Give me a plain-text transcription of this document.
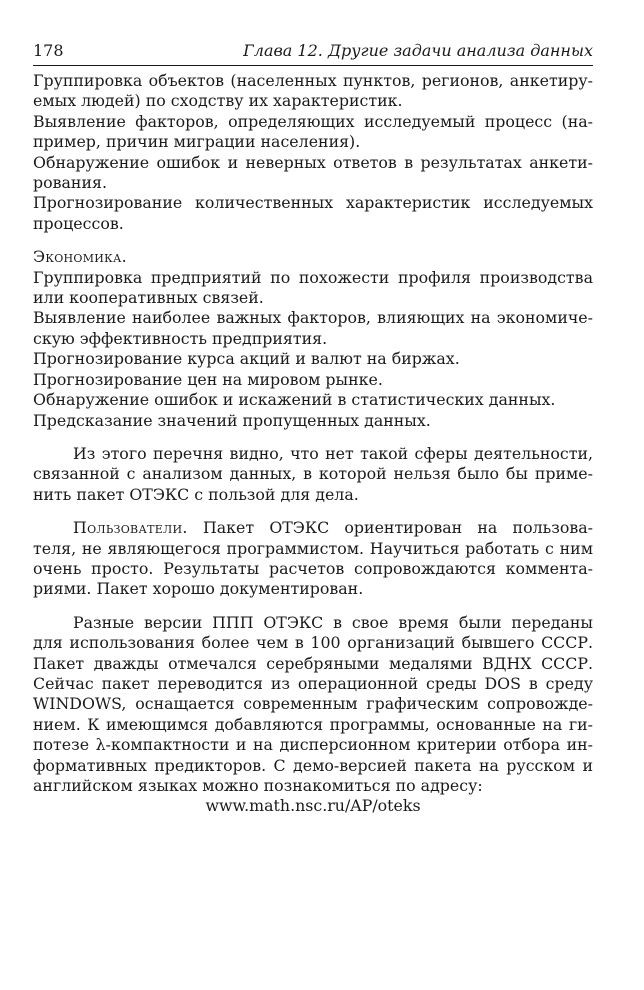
178	Глава 12. Другие задачи анализа данных
Группировка объектов (населенных пунктов, регионов, анкетиру-
емых людей) по сходству их характеристик.
Выявление факторов, определяющих исследуемый процесс (на-
пример, причин миграции населения).
Обнаружение ошибок и неверных ответов в результатах анкети-
рования.
Прогнозирование количественных характеристик исследуемых
процессов.
Экономика.
Группировка предприятий по похожести профиля производства
или кооперативных связей.
Выявление наиболее важных факторов, влияющих на экономиче-
скую эффективность предприятия.
Прогнозирование курса акций и валют на биржах.
Прогнозирование цен на мировом рынке.
Обнаружение ошибок и искажений в статистических данных.
Предсказание значений пропущенных данных.
Из этого перечня видно, что нет такой сферы деятельности,
связанной с анализом данных, в которой нельзя было бы приме-
нить пакет ОТЭКС с пользой для дела.
Пользователи. Пакет ОТЭКС ориентирован на пользова-
теля, не являющегося программистом. Научиться работать с ним
очень просто. Результаты расчетов сопровождаются коммента-
риями. Пакет хорошо документирован.
Разные версии ППП ОТЭКС в свое время были переданы
для использования более чем в 100 организаций бывшего СССР.
Пакет дважды отмечался серебряными медалями ВДНХ СССР.
Сейчас пакет переводится из операционной среды DOS в среду
WINDOWS, оснащается современным графическим сопровожде-
нием. К имеющимся добавляются программы, основанные на ги-
потезе λ-компактности и на дисперсионном критерии отбора ин-
формативных предикторов. С демо-версией пакета на русском и
английском языках можно познакомиться по адресу:
www.math.nsc.ru/AP/oteks
